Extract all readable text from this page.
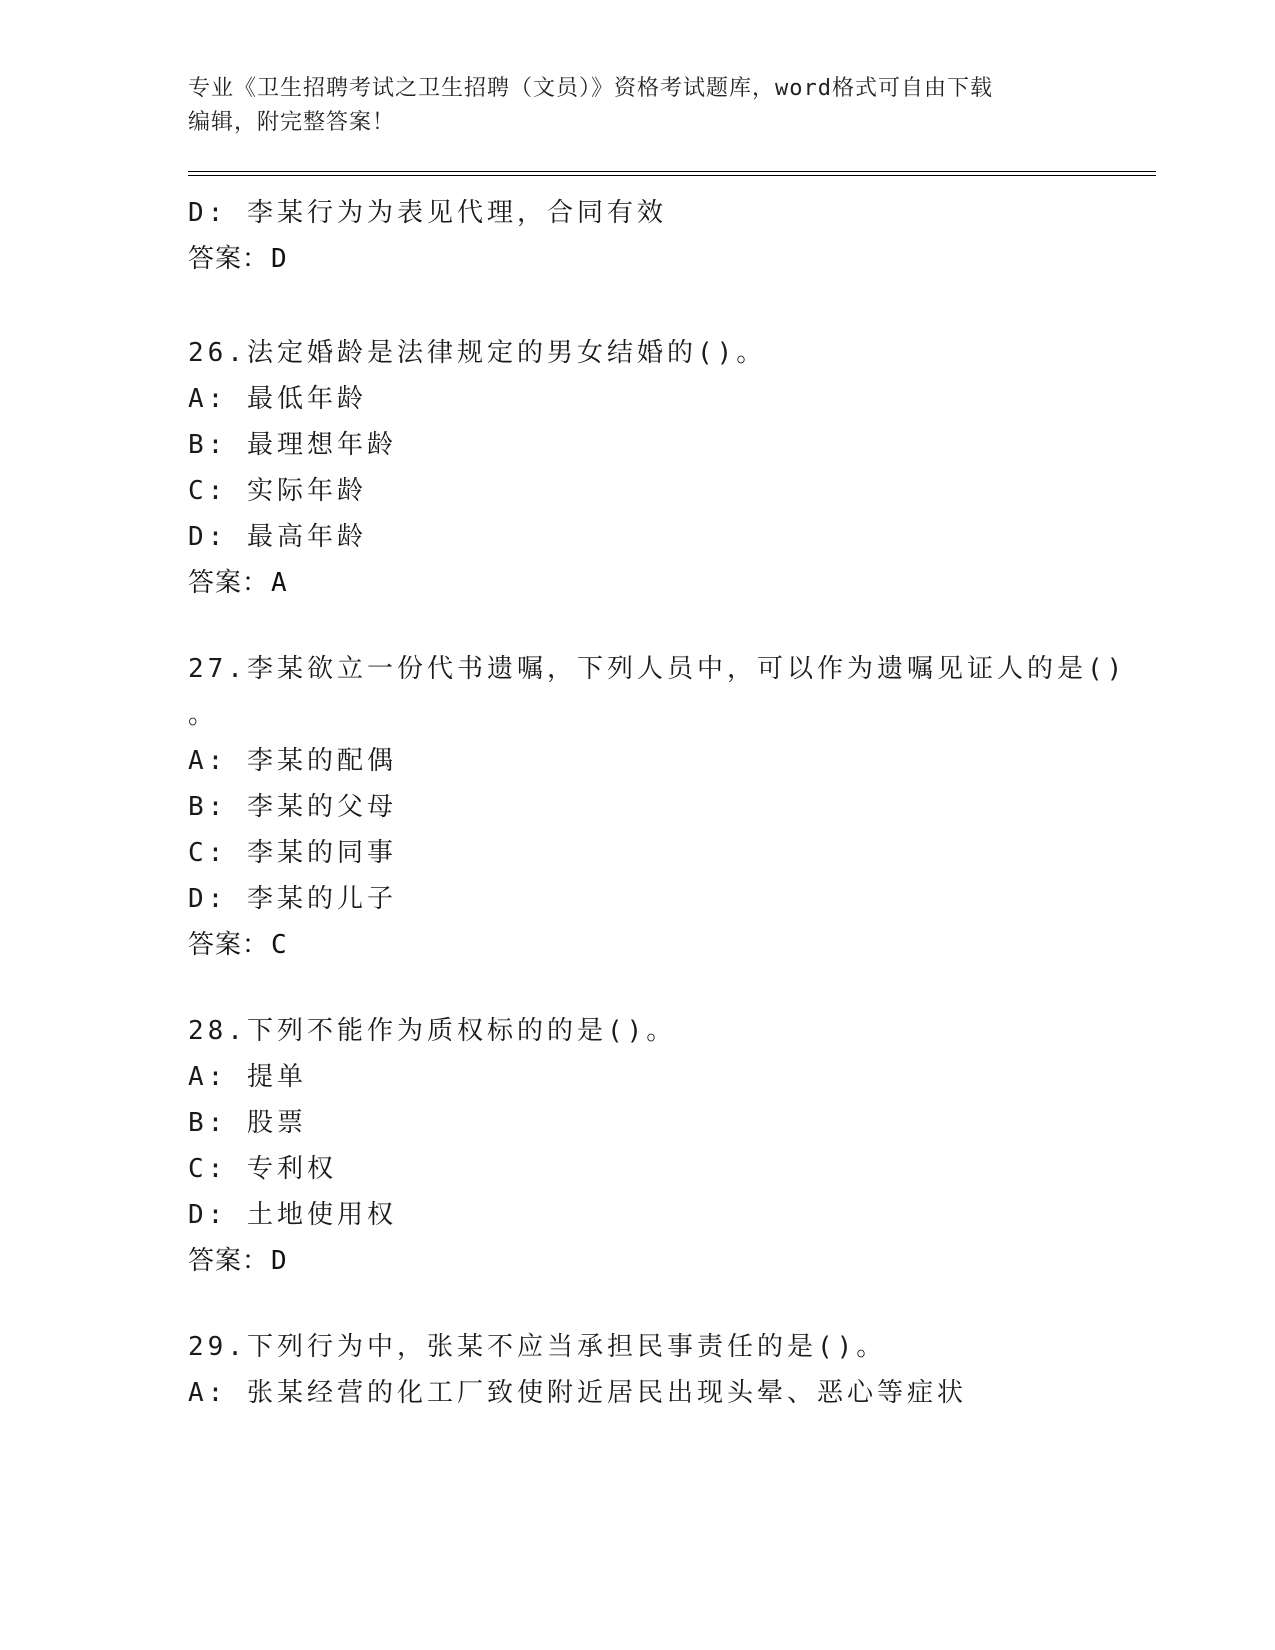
专业《卫生招聘考试之卫生招聘（文员）》资格考试题库，word格式可自由下载
编辑，附完整答案！
D: 李某行为为表见代理，合同有效
答案：D
26.法定婚龄是法律规定的男女结婚的()。
A: 最低年龄
B: 最理想年龄
C: 实际年龄
D: 最高年龄
答案：A
27.李某欲立一份代书遗嘱，下列人员中，可以作为遗嘱见证人的是()
。
A: 李某的配偶
B: 李某的父母
C: 李某的同事
D: 李某的儿子
答案：C
28.下列不能作为质权标的的是()。
A: 提单
B: 股票
C: 专利权
D: 土地使用权
答案：D
29.下列行为中，张某不应当承担民事责任的是()。
A: 张某经营的化工厂致使附近居民出现头晕、恶心等症状
